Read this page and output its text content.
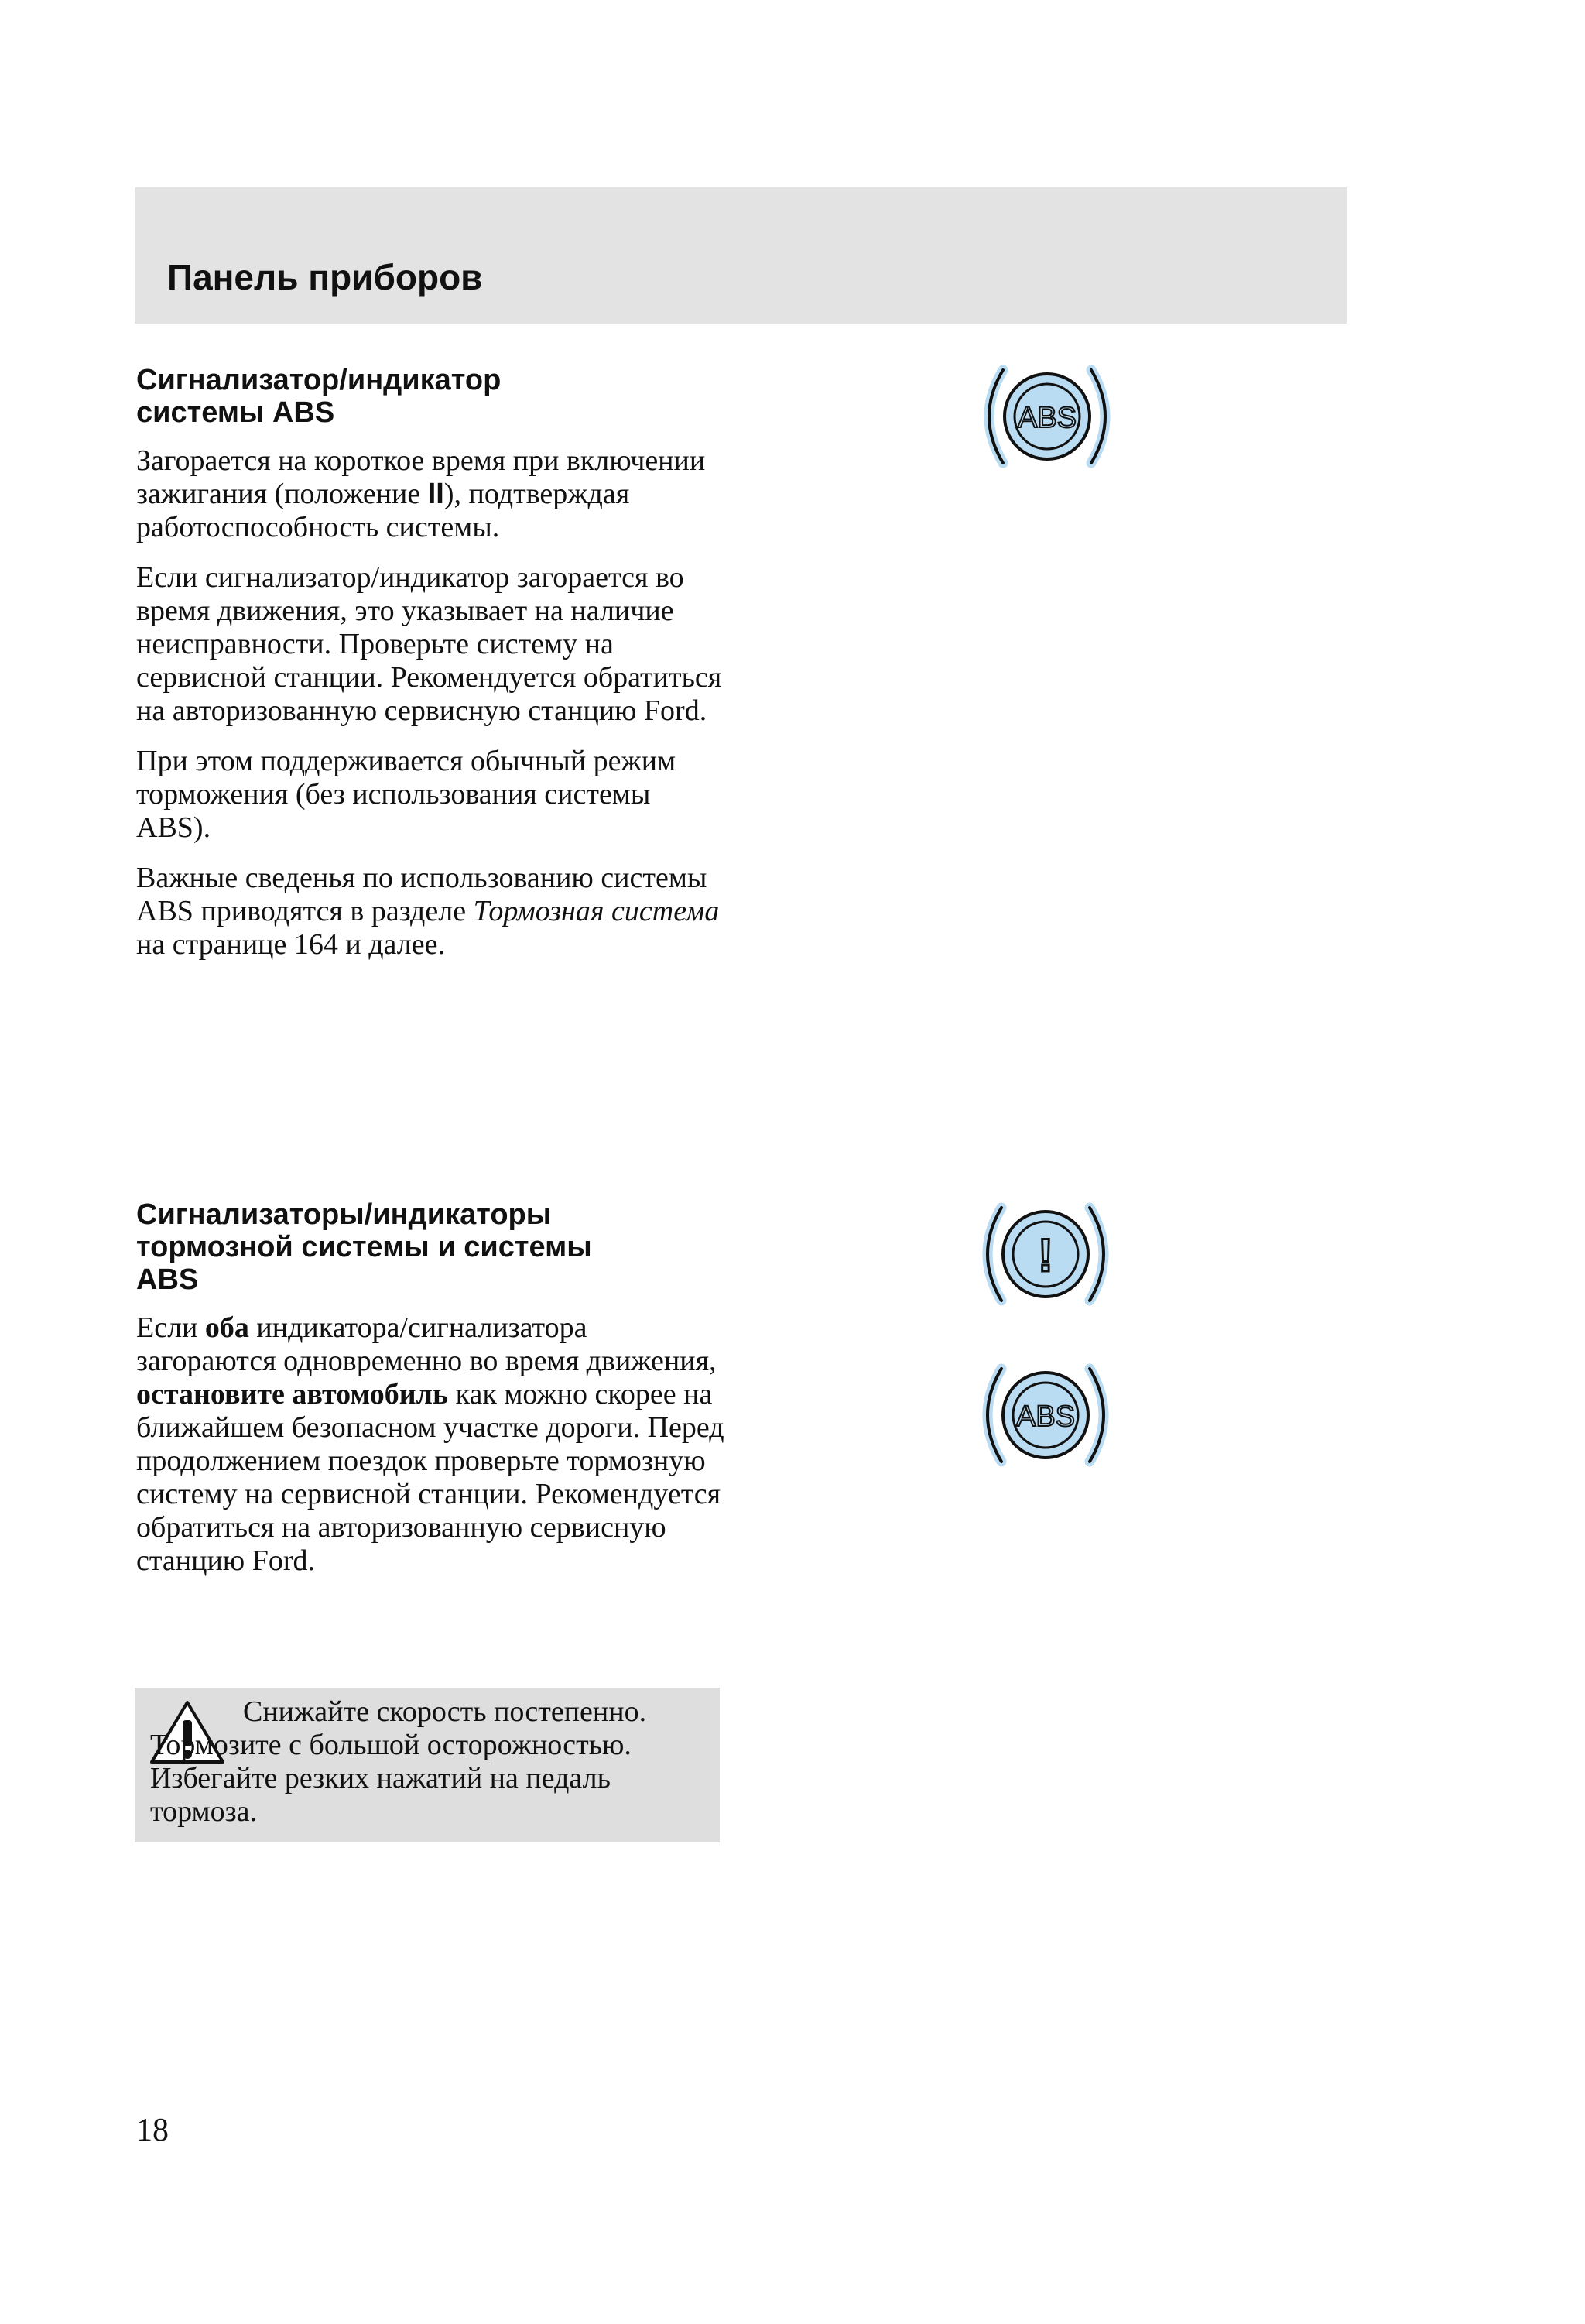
Панель приборов
Сигнализатор/индикатор
системы ABS

Загорается на короткое время при включении зажигания (положение II), подтверждая работоспособность системы.

Если сигнализатор/индикатор загорается во время движения, это указывает на наличие неисправности. Проверьте систему на сервисной станции. Рекомендуется обратиться на авторизованную сервисную станцию Ford.

При этом поддерживается обычный режим торможения (без использования системы ABS).

Важные сведенья по использованию системы ABS приводятся в разделе Тормозная система на странице 164 и далее.

ABS
Сигнализаторы/индикаторы
тормозной системы и системы
ABS

Если оба индикатора/сигнализатора загораются одновременно во время движения, остановите автомобиль как можно скорее на ближайшем безопасном участке дороги. Перед продолжением поездок проверьте тормозную систему на сервисной станции. Рекомендуется обратиться на авторизованную сервисную станцию Ford.

!
ABS

Снижайте скорость постепенно. Тормозите с большой осторожностью. Избегайте резких нажатий на педаль тормоза.

18
